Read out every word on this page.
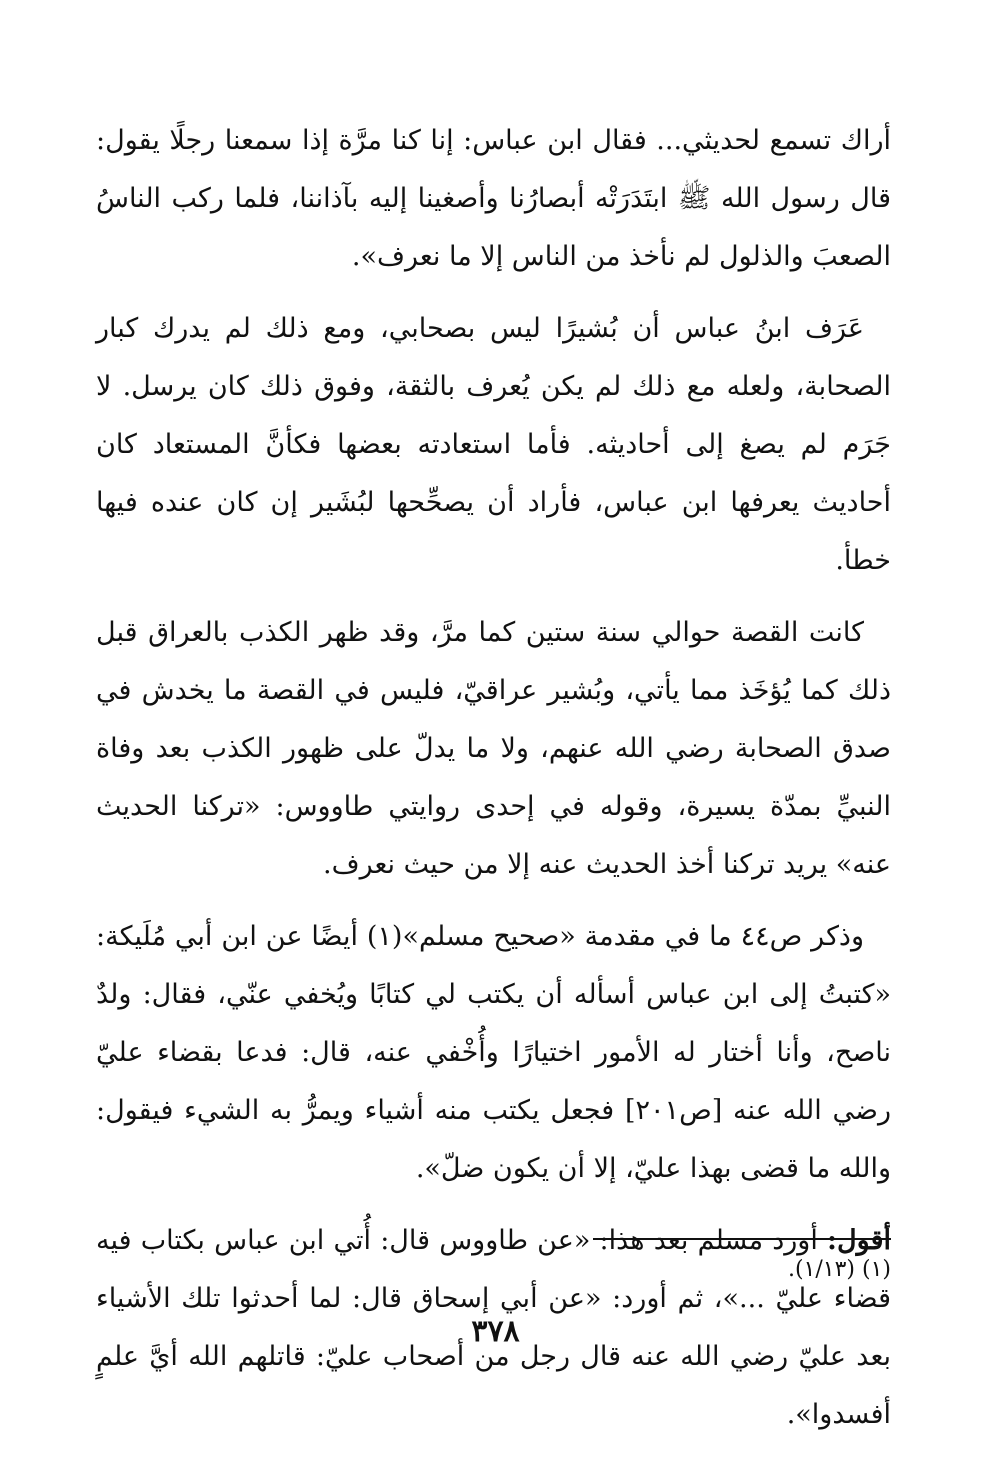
أراك تسمع لحديثي... فقال ابن عباس: إنا كنا مرَّة إذا سمعنا رجلًا يقول: قال رسول الله ﷺ ابتَدَرَتْه أبصارُنا وأصغينا إليه بآذاننا، فلما ركب الناسُ الصعبَ والذلول لم نأخذ من الناس إلا ما نعرف».

عَرَف ابنُ عباس أن بُشيرًا ليس بصحابي، ومع ذلك لم يدرك كبار الصحابة، ولعله مع ذلك لم يكن يُعرف بالثقة، وفوق ذلك كان يرسل. لا جَرَم لم يصغ إلى أحاديثه. فأما استعادته بعضها فكأنَّ المستعاد كان أحاديث يعرفها ابن عباس، فأراد أن يصحِّحها لبُشَير إن كان عنده فيها خطأ.

كانت القصة حوالي سنة ستين كما مرَّ، وقد ظهر الكذب بالعراق قبل ذلك كما يُؤخَذ مما يأتي، وبُشير عراقيّ، فليس في القصة ما يخدش في صدق الصحابة رضي الله عنهم، ولا ما يدلّ على ظهور الكذب بعد وفاة النبيِّ بمدّة يسيرة، وقوله في إحدى روايتي طاووس: «تركنا الحديث عنه» يريد تركنا أخذ الحديث عنه إلا من حيث نعرف.

وذكر ص٤٤ ما في مقدمة «صحيح مسلم»(١) أيضًا عن ابن أبي مُلَيكة: «كتبتُ إلى ابن عباس أسأله أن يكتب لي كتابًا ويُخفي عنّي، فقال: ولدٌ ناصح، وأنا أختار له الأمور اختيارًا وأُخْفي عنه، قال: فدعا بقضاء عليّ رضي الله عنه [ص٢٠١] فجعل يكتب منه أشياء ويمرُّ به الشيء فيقول: والله ما قضى بهذا عليّ، إلا أن يكون ضلّ».

أقول: أورد مسلم بعد هذا: «عن طاووس قال: أُتي ابن عباس بكتاب فيه قضاء عليّ ...»، ثم أورد: «عن أبي إسحاق قال: لما أحدثوا تلك الأشياء بعد عليّ رضي الله عنه قال رجل من أصحاب عليّ: قاتلهم الله أيَّ علمٍ أفسدوا».

(١) (١/١٣).
٣٧٨
